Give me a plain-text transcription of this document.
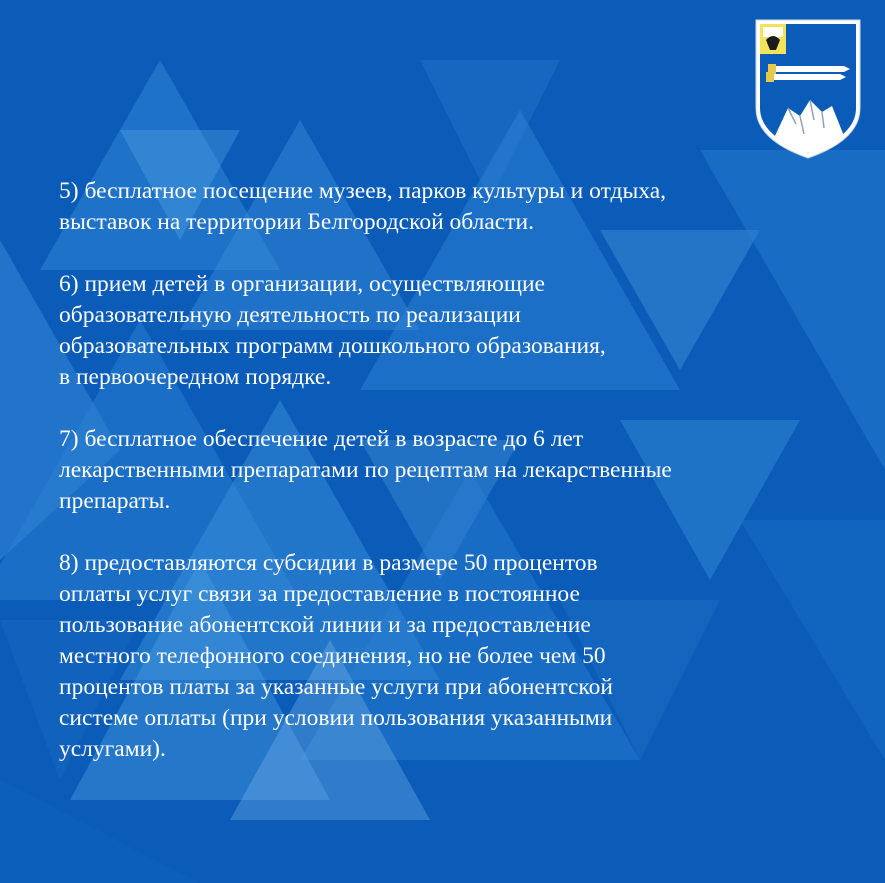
5) бесплатное посещение музеев, парков культуры и отдыха,
выставок на территории Белгородской области.
6) прием детей в организации, осуществляющие
образовательную деятельность по реализации
образовательных программ дошкольного образования,
в первоочередном порядке.
7) бесплатное обеспечение детей в возрасте до 6 лет
лекарственными препаратами по рецептам на лекарственные
препараты.
8) предоставляются субсидии в размере 50 процентов
оплаты услуг связи за предоставление в постоянное
пользование абонентской линии и за предоставление
местного телефонного соединения, но не более чем 50
процентов платы за указанные услуги при абонентской
системе оплаты (при условии пользования указанными
услугами).
